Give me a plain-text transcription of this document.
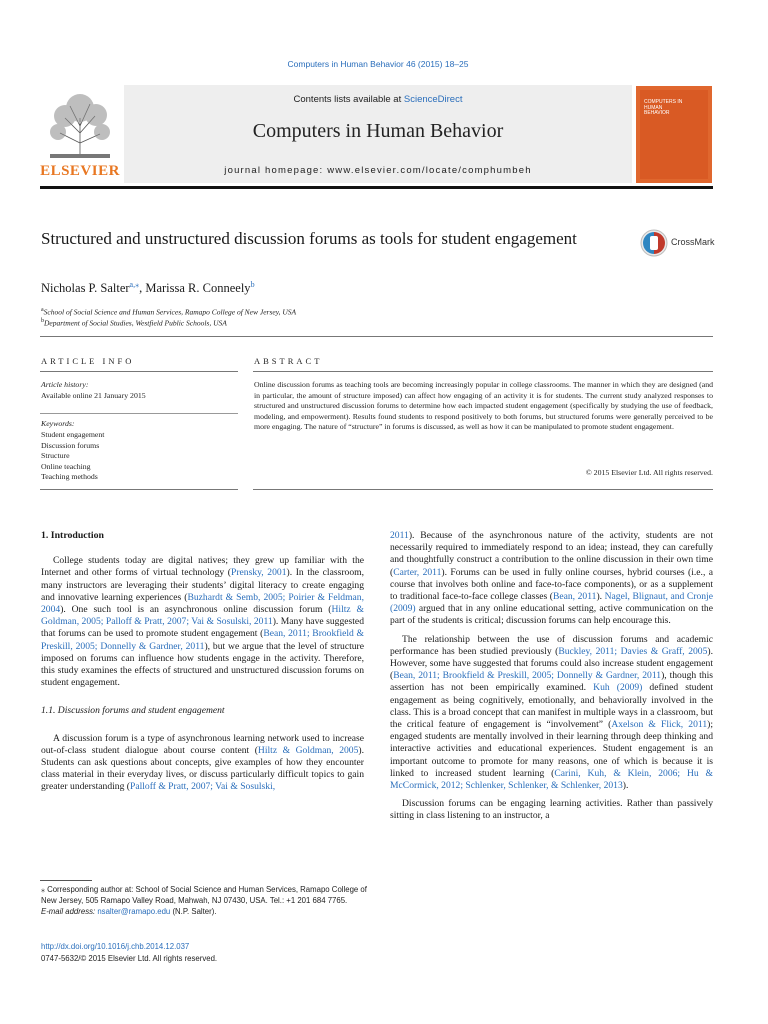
Computers in Human Behavior 46 (2015) 18–25
Contents lists available at ScienceDirect
Computers in Human Behavior
journal homepage: www.elsevier.com/locate/comphumbeh
ELSEVIER
COMPUTERS IN HUMAN BEHAVIOR
Structured and unstructured discussion forums as tools for student engagement	CrossMark
Nicholas P. Salter$^{a,⁎}$, Marissa R. Conneely$^b$
$^a$School of Social Science and Human Services, Ramapo College of New Jersey, USA
$^b$Department of Social Studies, Westfield Public Schools, USA
ARTICLE INFO	ABSTRACT
Article history:
Available online 21 January 2015
Keywords:
Student engagement
Discussion forums
Structure
Online teaching
Teaching methods
Online discussion forums as teaching tools are becoming increasingly popular in college classrooms. The manner in which they are designed (and in particular, the amount of structure imposed) can affect how engaging of an activity it is for students. The current study analyzed responses to structured and unstructured discussion forums to determine how each impacted student engagement (specifically by studying the use of feedback, modeling, and empowerment). Results found students to respond positively to both forums, but structured forums were generally perceived to be more engaging. The nature of “structure” in forums is discussed, as well as how it can be manipulated to promote student engagement.
© 2015 Elsevier Ltd. All rights reserved.

1. Introduction

College students today are digital natives; they grew up familiar with the Internet and other forms of virtual technology (Prensky, 2001). In the classroom, many instructors are leveraging their students’ digital literacy to create engaging and innovative learning experiences (Buzhardt & Semb, 2005; Poirier & Feldman, 2004). One such tool is an asynchronous online discussion forum (Hiltz & Goldman, 2005; Palloff & Pratt, 2007; Vai & Sosulski, 2011). Many have suggested that forums can be used to promote student engagement (Bean, 2011; Brookfield & Preskill, 2005; Donnelly & Gardner, 2011), but we argue that the level of structure imposed on forums can influence how students engage in the activity. Therefore, this study examines the effects of structured and unstructured discussion forums on student engagement.

1.1. Discussion forums and student engagement

A discussion forum is a type of asynchronous learning network used to increase out-of-class student dialogue about course content (Hiltz & Goldman, 2005). Students can ask questions about concepts, give examples of how they encounter class material in their everyday lives, or discuss particularly difficult topics to gain greater understanding (Palloff & Pratt, 2007; Vai & Sosulski,

⁎ Corresponding author at: School of Social Science and Human Services, Ramapo College of New Jersey, 505 Ramapo Valley Road, Mahwah, NJ 07430, USA. Tel.: +1 201 684 7765.
E-mail address: nsalter@ramapo.edu (N.P. Salter).
http://dx.doi.org/10.1016/j.chb.2014.12.037
0747-5632/© 2015 Elsevier Ltd. All rights reserved.

2011). Because of the asynchronous nature of the activity, students are not necessarily required to immediately respond to an idea; instead, they can carefully and thoughtfully construct a contribution to the online discussion in their own time (Carter, 2011). Forums can be used in fully online courses, hybrid courses (i.e., a course that involves both online and face-to-face components), or as a supplement to traditional face-to-face college classes (Bean, 2011). Nagel, Blignaut, and Cronje (2009) argued that in any online educational setting, active communication on the part of the students is critical; discussion forums can help encourage this.

The relationship between the use of discussion forums and academic performance has been studied previously (Buckley, 2011; Davies & Graff, 2005). However, some have suggested that forums could also increase student engagement (Bean, 2011; Brookfield & Preskill, 2005; Donnelly & Gardner, 2011), though this assertion has not been empirically examined. Kuh (2009) defined student engagement as being cognitively, emotionally, and behaviorally involved in the class. This is a broad concept that can manifest in multiple ways in a classroom, but the critical feature of engagement is “involvement” (Axelson & Flick, 2011); engaged students are mentally involved in their learning through deep thinking and interactive activities and educational experiences. Student engagement is an important outcome to promote for many reasons, one of which is because it is linked to increased student learning (Carini, Kuh, & Klein, 2006; Hu & McCormick, 2012; Schlenker, Schlenker, & Schlenker, 2013).

Discussion forums can be engaging learning activities. Rather than passively sitting in class listening to an instructor, a
